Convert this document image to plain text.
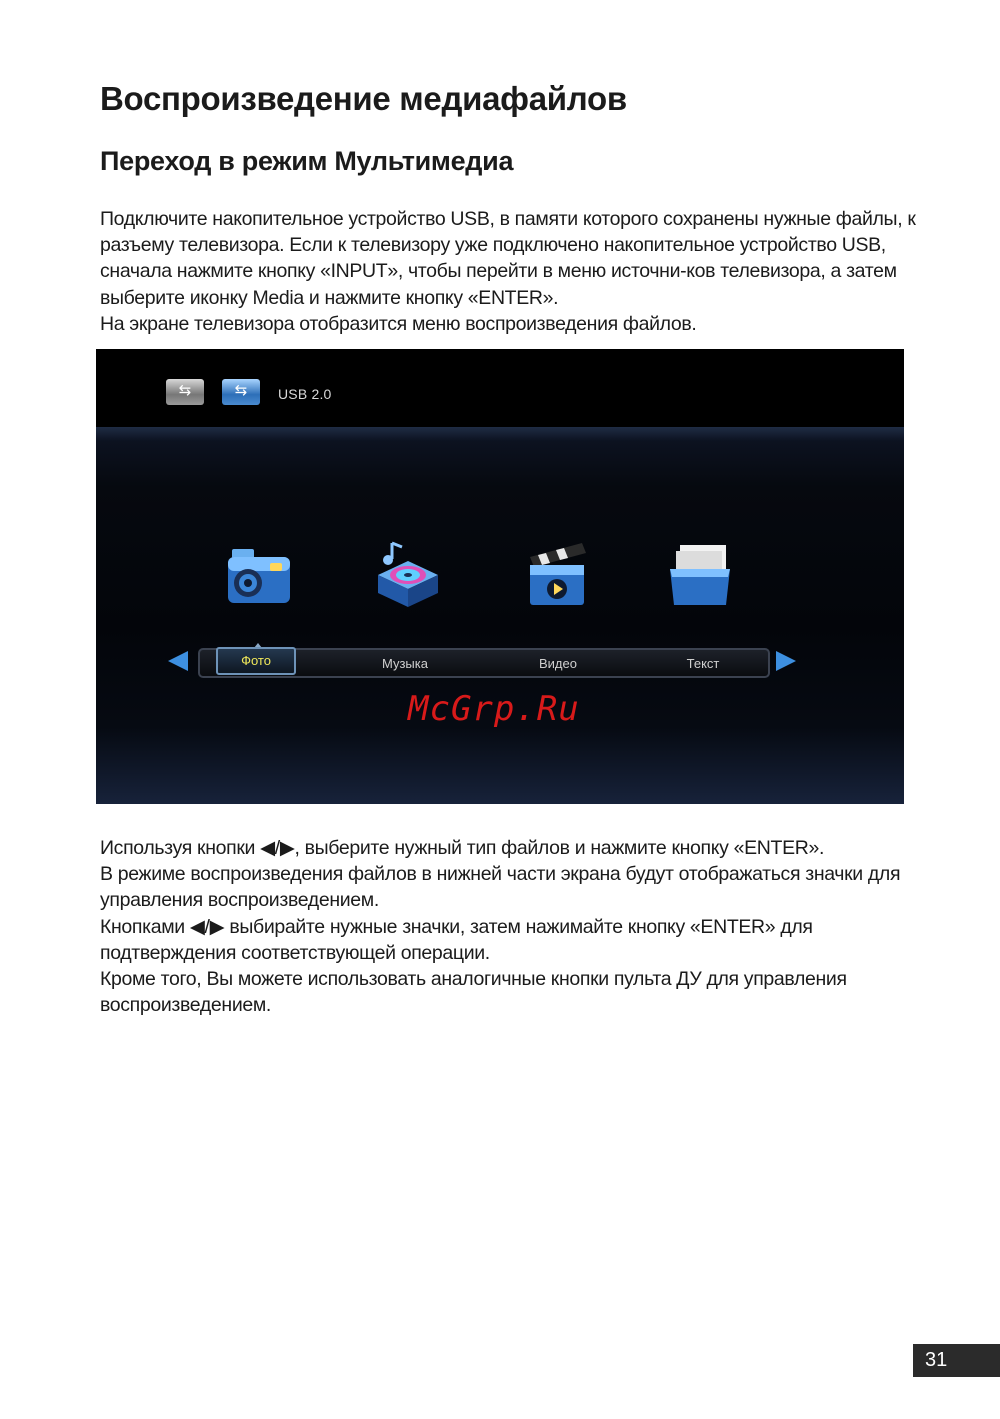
Воспроизведение медиафайлов
Переход в режим Мультимедиа

Подключите накопительное устройство USB, в памяти которого сохранены нужные файлы, к разъему телевизора. Если к телевизору уже подключено накопительное устройство USB, сначала нажмите кнопку «INPUT», чтобы перейти в меню источни-ков телевизора, а затем выберите иконку Media и нажмите кнопку «ENTER».

На экране телевизора отобразится меню воспроизведения файлов.

⇆	⇆	USB 2.0
Фото	Музыка	Видео	Текст
McGrp.Ru

Используя кнопки ◀/▶, выберите нужный тип файлов и нажмите кнопку «ENTER».

В режиме воспроизведения файлов в нижней части экрана будут отображаться значки для управления воспроизведением.

Кнопками ◀/▶ выбирайте нужные значки, затем нажимайте кнопку «ENTER» для подтверждения соответствующей операции.

Кроме того, Вы можете использовать аналогичные кнопки пульта ДУ для управления воспроизведением.

31
